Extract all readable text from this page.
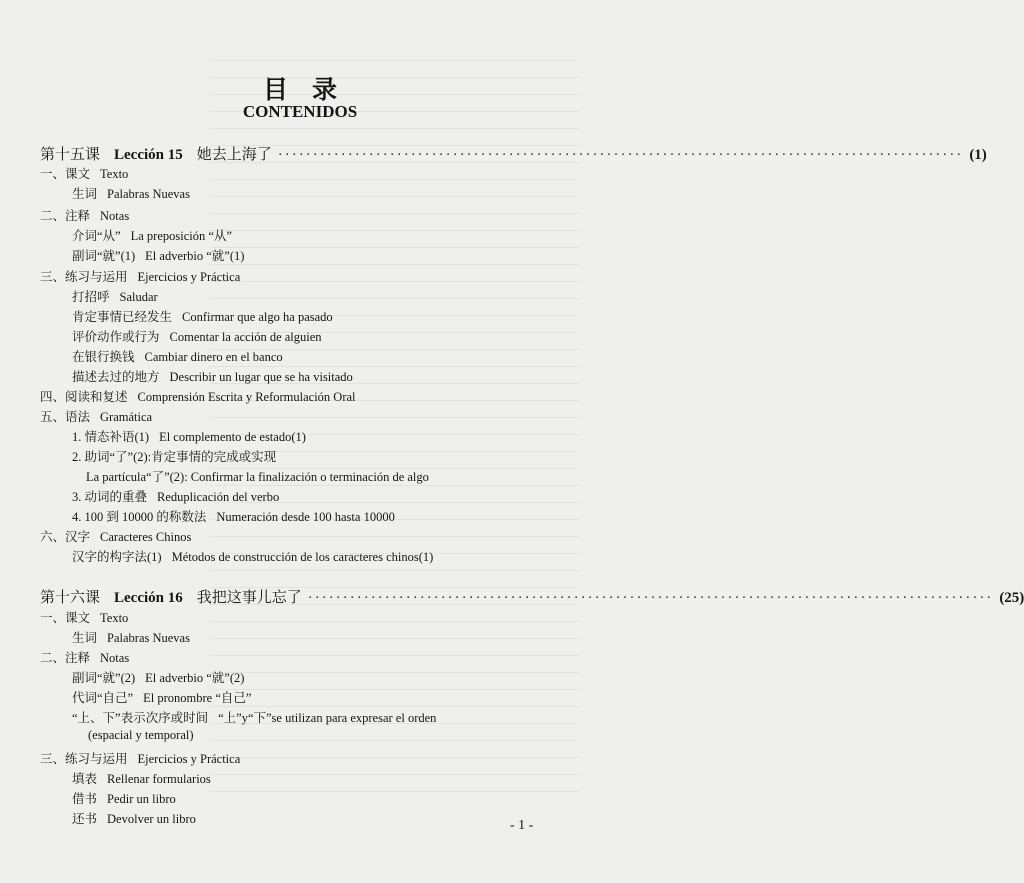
目录
CONTENIDOS
第十五课 Lección 15 她去上海了 ·································································································· (1)
一、课文 Texto
生词 Palabras Nuevas
二、注释 Notas
介词“从” La preposición “从”
副词“就”(1) El adverbio “就”(1)
三、练习与运用 Ejercicios y Práctica
打招呼 Saludar
肯定事情已经发生 Confirmar que algo ha pasado
评价动作或行为 Comentar la acción de alguien
在银行换钱 Cambiar dinero en el banco
描述去过的地方 Describir un lugar que se ha visitado
四、阅读和复述 Comprensión Escrita y Reformulación Oral
五、语法 Gramática
1. 情态补语(1) El complemento de estado(1)
2. 助词“了”(2):肯定事情的完成或实现
La partícula“了”(2): Confirmar la finalización o terminación de algo
3. 动词的重叠 Reduplicación del verbo
4. 100 到 10000 的称数法 Numeración desde 100 hasta 10000
六、汉字 Caracteres Chinos
汉字的构字法(1) Métodos de construcción de los caracteres chinos(1)
第十六课 Lección 16 我把这事儿忘了 ·································································································· (25)
一、课文 Texto
生词 Palabras Nuevas
二、注释 Notas
副词“就”(2) El adverbio “就”(2)
代词“自己” El pronombre “自己”
“上、下”表示次序或时间 “上”y“下”se utilizan para expresar el orden
(espacial y temporal)
三、练习与运用 Ejercicios y Práctica
填表 Rellenar formularios
借书 Pedir un libro
还书 Devolver un libro	- 1 -
